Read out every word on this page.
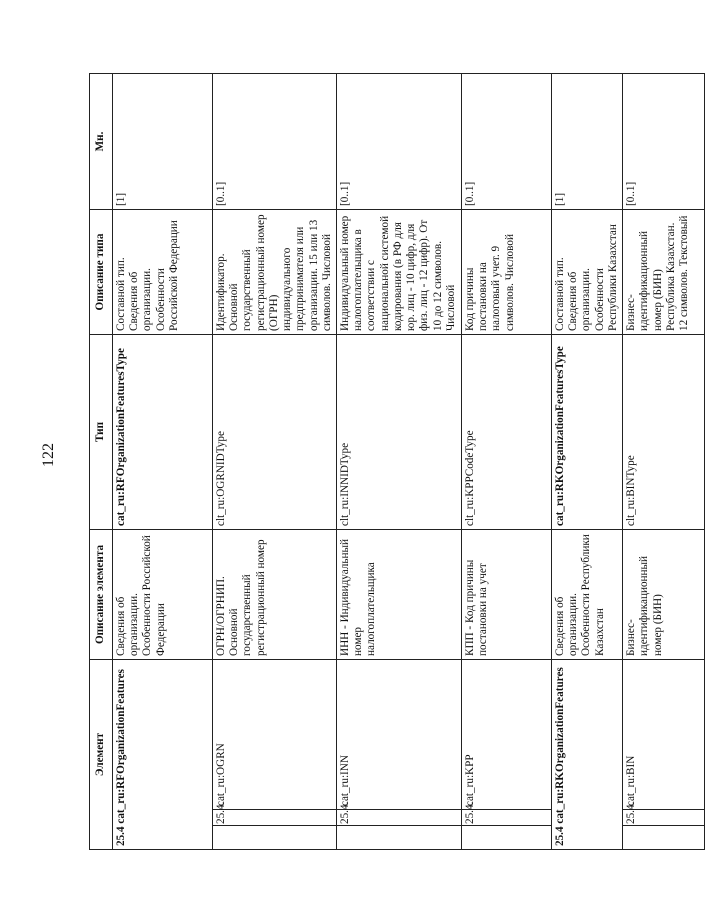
122
Элемент			Описание элемента	Тип	Описание типа	Мн.
25.4 cat_ru:RFOrganizationFeatures			Сведения об организации. Особенности Российской Федерации	cat_ru:RFOrganizationFeaturesType	Составной тип. Сведения об организации. Особенности Российской Федерации	[1]
	25.4.	cat_ru:OGRN	ОГРН/ОГРНИП. Основной государственный регистрационный номер	clt_ru:OGRNIDType	Идентификатор. Основной государственный регистрационный номер (ОГРН) индивидуального предпринимателя или организации. 15 или 13 символов. Числовой	[0..1]
	25.4.	cat_ru:INN	ИНН - Индивидуальный номер налогоплательщика	clt_ru:INNIDType	Индивидуальный номер налогоплательщика в соответствии с национальной системой кодирования (в РФ для юр. лиц - 10 цифр, для физ. лиц - 12 цифр). От 10 до 12 символов. Числовой	[0..1]
	25.4.	cat_ru:KPP	КПП - Код причины постановки на учет	clt_ru:KPPCodeType	Код причины постановки на налоговый учет. 9 символов. Числовой	[0..1]
25.4 cat_ru:RKOrganizationFeatures			Сведения об организации. Особенности Республики Казахстан	cat_ru:RKOrganizationFeaturesType	Составной тип. Сведения об организации. Особенности Республики Казахстан	[1]
	25.4.	cat_ru:BIN	Бизнес-идентификационный номер (БИН)	clt_ru:BINType	Бизнес-идентификационный номер (БИН) Республика Казахстан. 12 символов. Текстовый	[0..1]
